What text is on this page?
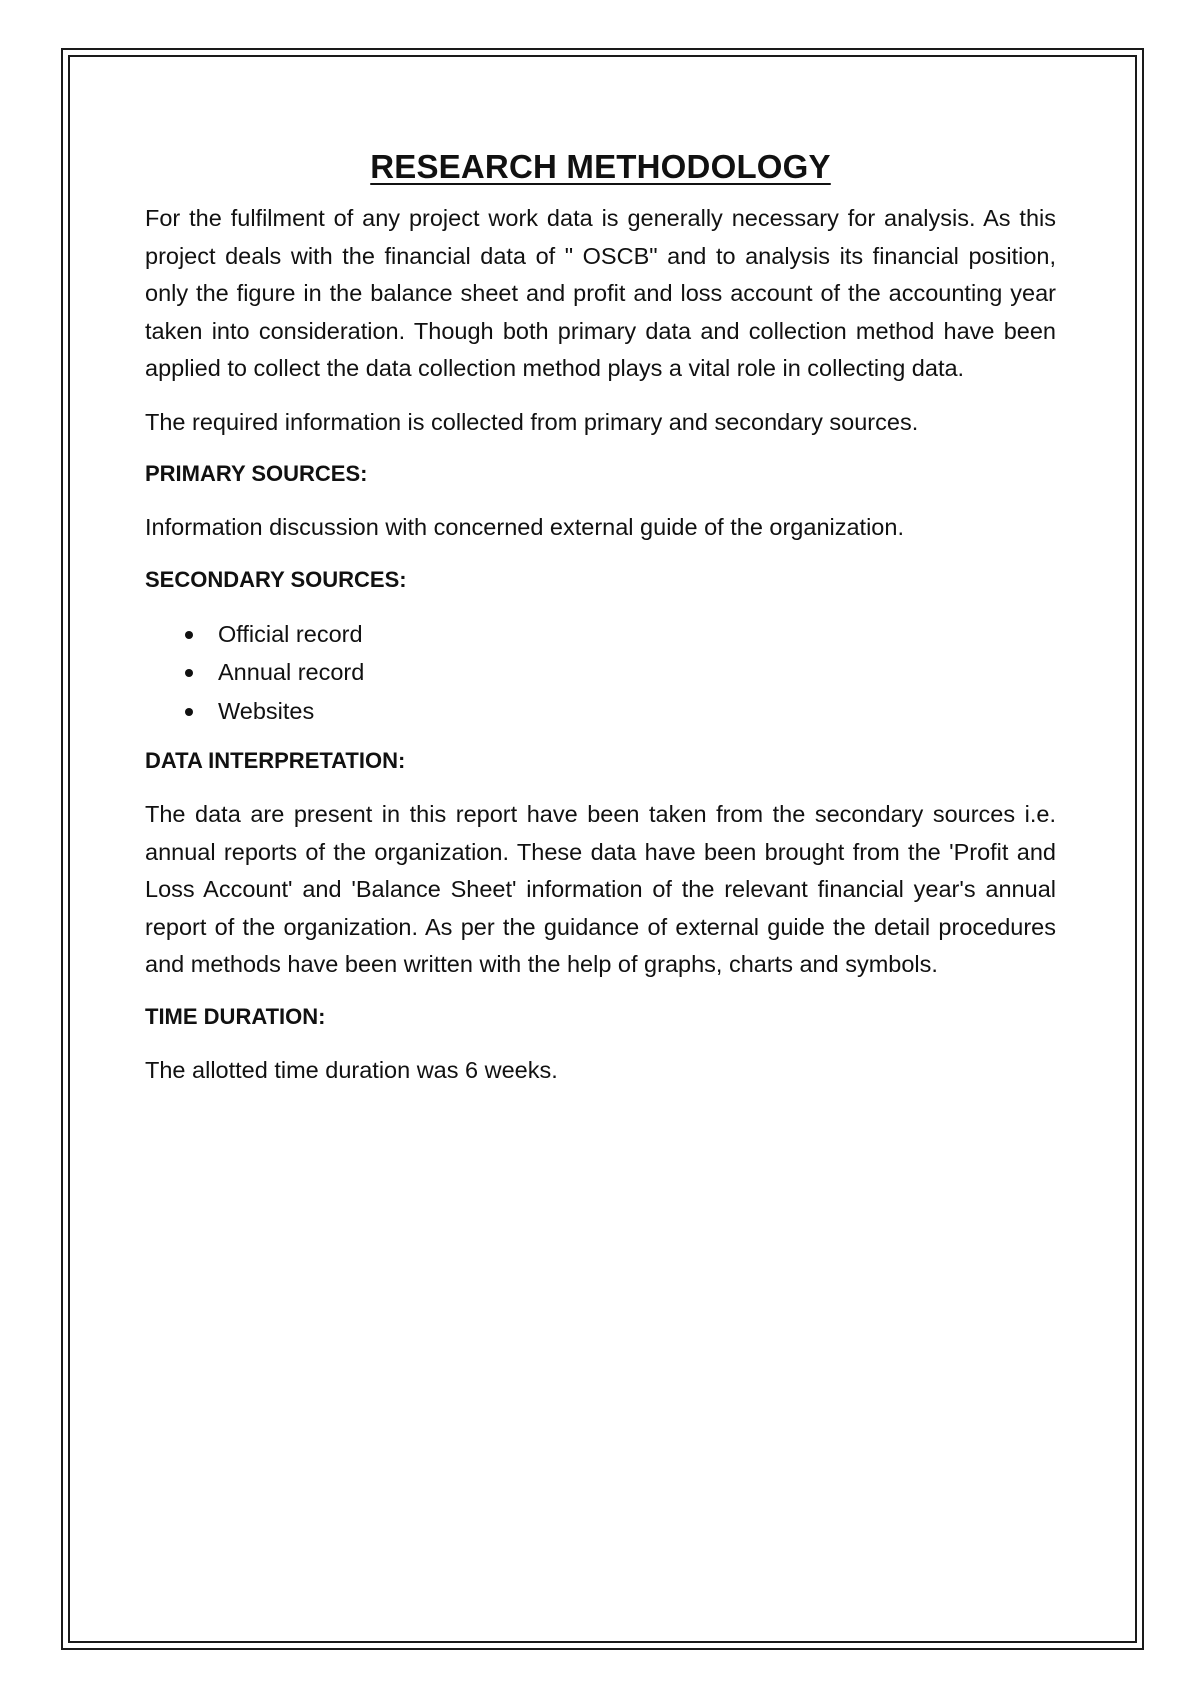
RESEARCH METHODOLOGY

For the fulfilment of any project work data is generally necessary for analysis. As this project deals with the financial data of " OSCB" and to analysis its financial position, only the figure in the balance sheet and profit and loss account of the accounting year taken into consideration. Though both primary data and collection method have been applied to collect the data collection method plays a vital role in collecting data.

The required information is collected from primary and secondary sources.

PRIMARY SOURCES:

Information discussion with concerned external guide of the organization.

SECONDARY SOURCES:
Official record
Annual record
Websites
DATA INTERPRETATION:

The data are present in this report have been taken from the secondary sources i.e. annual reports of the organization. These data have been brought from the 'Profit and Loss Account' and 'Balance Sheet' information of the relevant financial year's annual report of the organization. As per the guidance of external guide the detail procedures and methods have been written with the help of graphs, charts and symbols.

TIME DURATION:

The allotted time duration was 6 weeks.
